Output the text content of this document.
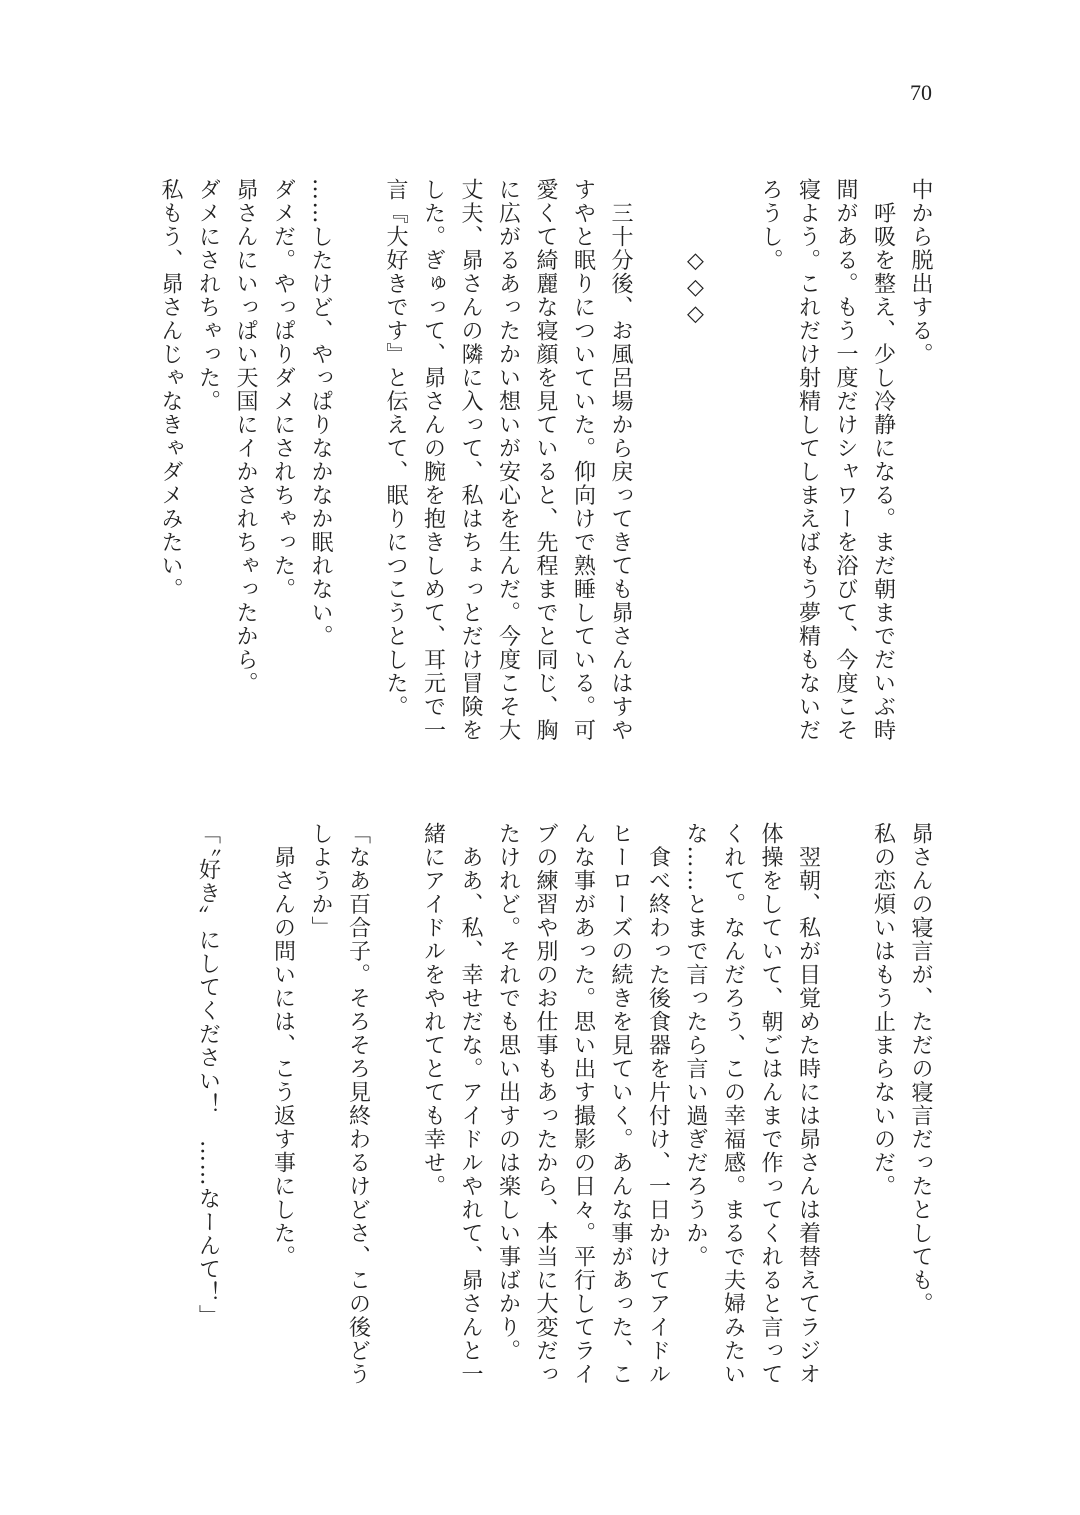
70
中から脱出する。
　呼吸を整え、少し冷静になる。まだ朝までだいぶ時
間がある。もう一度だけシャワーを浴びて、今度こそ
寝よう。これだけ射精してしまえばもう夢精もないだ
ろうし。

　　　◇◇◇

　三十分後、お風呂場から戻ってきても昴さんはすや
すやと眠りについていた。仰向けで熟睡している。可
愛くて綺麗な寝顔を見ていると、先程までと同じ、胸
に広がるあったかい想いが安心を生んだ。今度こそ大
丈夫、昴さんの隣に入って、私はちょっとだけ冒険を
した。ぎゅって、昴さんの腕を抱きしめて、耳元で一
言『大好きです』と伝えて、眠りにつこうとした。

……したけど、やっぱりなかなか眠れない。
ダメだ。やっぱりダメにされちゃった。
昴さんにいっぱい天国にイかされちゃったから。
ダメにされちゃった。
私もう、昴さんじゃなきゃダメみたい。
昴さんの寝言が、ただの寝言だったとしても。
私の恋煩いはもう止まらないのだ。

　翌朝、私が目覚めた時には昴さんは着替えてラジオ
体操をしていて、朝ごはんまで作ってくれると言って
くれて。なんだろう、この幸福感。まるで夫婦みたい
な……とまで言ったら言い過ぎだろうか。
　食べ終わった後食器を片付け、一日かけてアイドル
ヒーローズの続きを見ていく。あんな事があった、こ
んな事があった。思い出す撮影の日々。平行してライ
ブの練習や別のお仕事もあったから、本当に大変だっ
たけれど。それでも思い出すのは楽しい事ばかり。
　ああ、私、幸せだな。アイドルやれて、昴さんと一
緒にアイドルをやれてとても幸せ。

「なあ百合子。そろそろ見終わるけどさ、この後どう
しようか」
　昴さんの問いには、こう返す事にした。

「〝好き〟にしてください！　……なーんて！」
